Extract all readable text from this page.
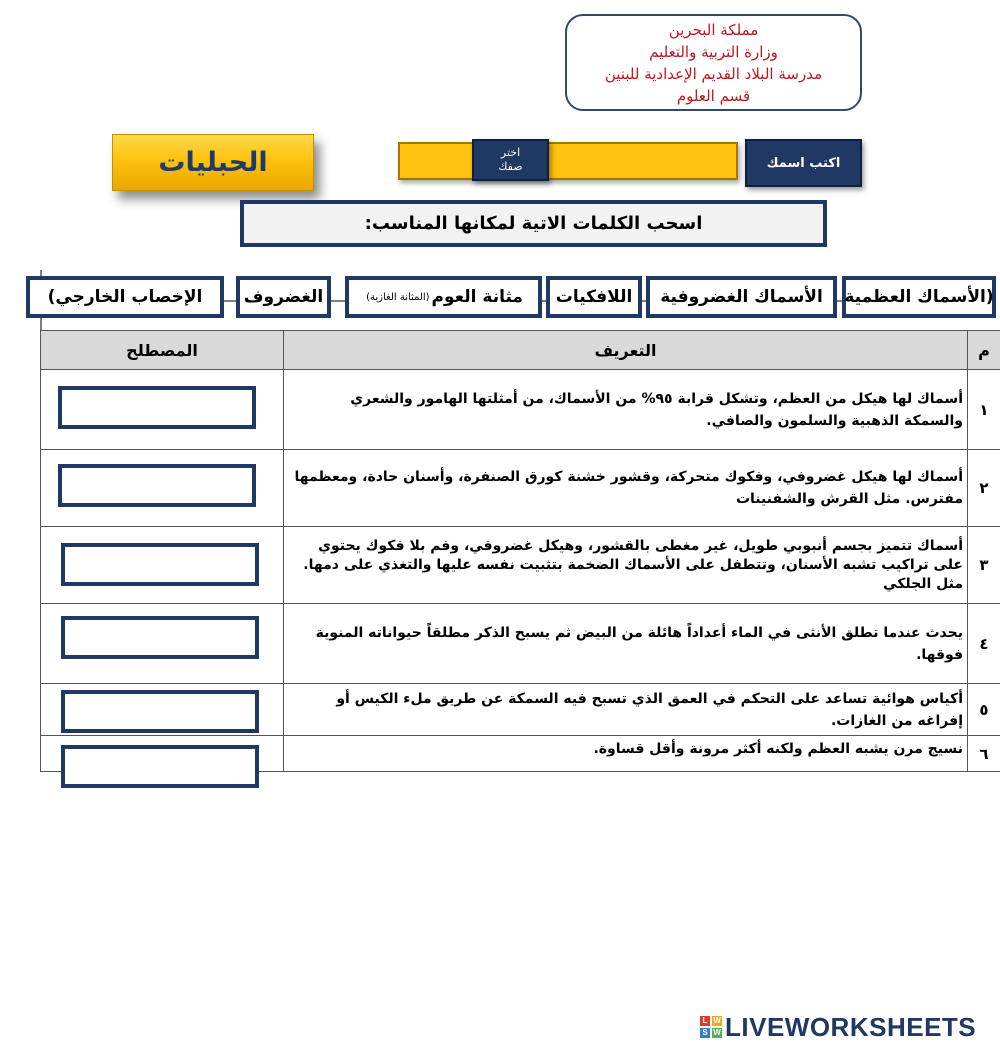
مملكة البحرين
وزارة التربية والتعليم
مدرسة البلاد القديم الإعدادية للبنين
قسم العلوم
الحبليات	اختر
صفك	اكتب اسمك
اسحب الكلمات الاتية لمكانها المناسب:
(الأسماك العظمية
الأسماك الغضروفية
اللافكيات
مثانة العوم
(المثانة الغازية)
الغضروف
الإخصاب الخارجي)
م	التعريف	المصطلح
١	أسماك لها هيكل من العظم، وتشكل قرابة ٩٥% من الأسماك، من أمثلتها الهامور والشعري والسمكة الذهبية والسلمون والصافي.	
٢	أسماك لها هيكل غضروفي، وفكوك متحركة، وقشور خشنة كورق الصنفرة، وأسنان حادة، ومعظمها مفترس. مثل القرش والشفنينات	
٣	أسماك تتميز بجسم أنبوبي طويل، غير مغطى بالقشور، وهيكل غضروفي، وفم بلا فكوك يحتوي على تراكيب تشبه الأسنان، وتتطفل على الأسماك الضخمة بتثبيت نفسه عليها والتغذي على دمها. مثل الجلكي	
٤	يحدث عندما تطلق الأنثى في الماء أعداداً هائلة من البيض ثم يسبح الذكر مطلقاً حيواناته المنوية فوقها.	
٥	أكياس هوائية تساعد على التحكم في العمق الذي تسبح فيه السمكة عن طريق ملء الكيس أو إفراغه من الغازات.	
٦	نسيج مرن يشبه العظم ولكنه أكثر مرونة وأقل قساوة.	
L W
S W LIVEWORKSHEETS
